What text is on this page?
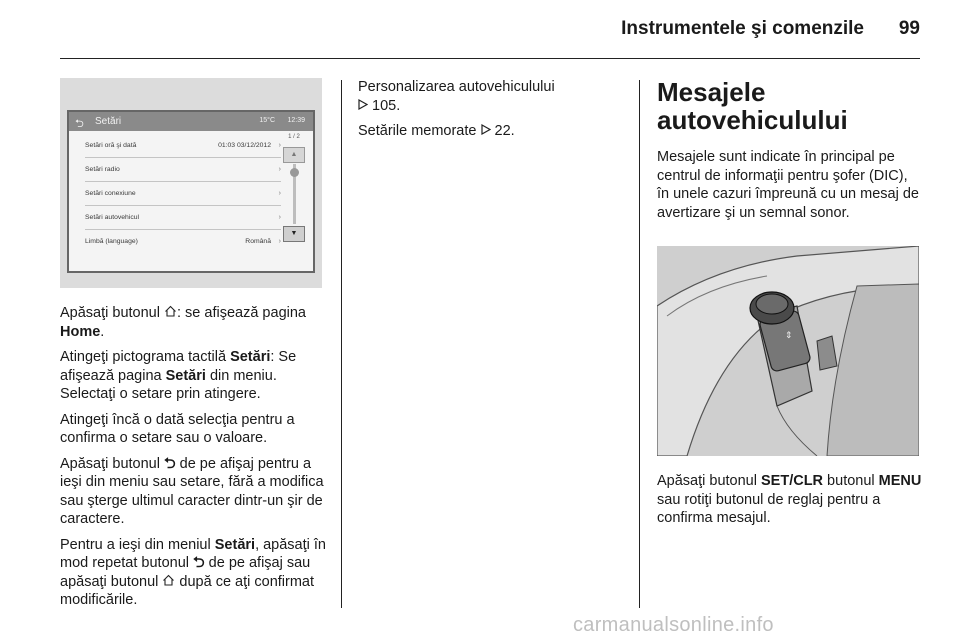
Instrumentele şi comenzile 99
⮌ Setări	15°C 12:39
Setări oră şi dată	01:03 03/12/2012 ›
Setări radio	›
Setări conexiune	›
Setări autovehicul	›
Limbă (language)	Română ›
1 / 2
▲
▼

Apăsaţi butonul : se afişează pagina Home.

Atingeţi pictograma tactilă Setări: Se afişează pagina Setări din meniu. Selectaţi o setare prin atingere.

Atingeţi încă o dată selecţia pentru a confirma o setare sau o valoare.

Apăsaţi butonul ⮌ de pe afişaj pentru a ieşi din meniu sau setare, fără a modifica sau şterge ultimul caracter dintr-un şir de caractere.

Pentru a ieşi din meniul Setări, apăsaţi în mod repetat butonul ⮌ de pe afişaj sau apăsaţi butonul  după ce aţi confirmat modificările.

Personalizarea autovehiculului
105.

Setările memorate  22.

Mesajele autovehiculului

Mesajele sunt indicate în principal pe centrul de informaţii pentru şofer (DIC), în unele cazuri împreună cu un mesaj de avertizare şi un semnal sonor.

⇕

Apăsaţi butonul SET/CLR butonul MENU sau rotiţi butonul de reglaj pentru a confirma mesajul.

carmanualsonline.info
